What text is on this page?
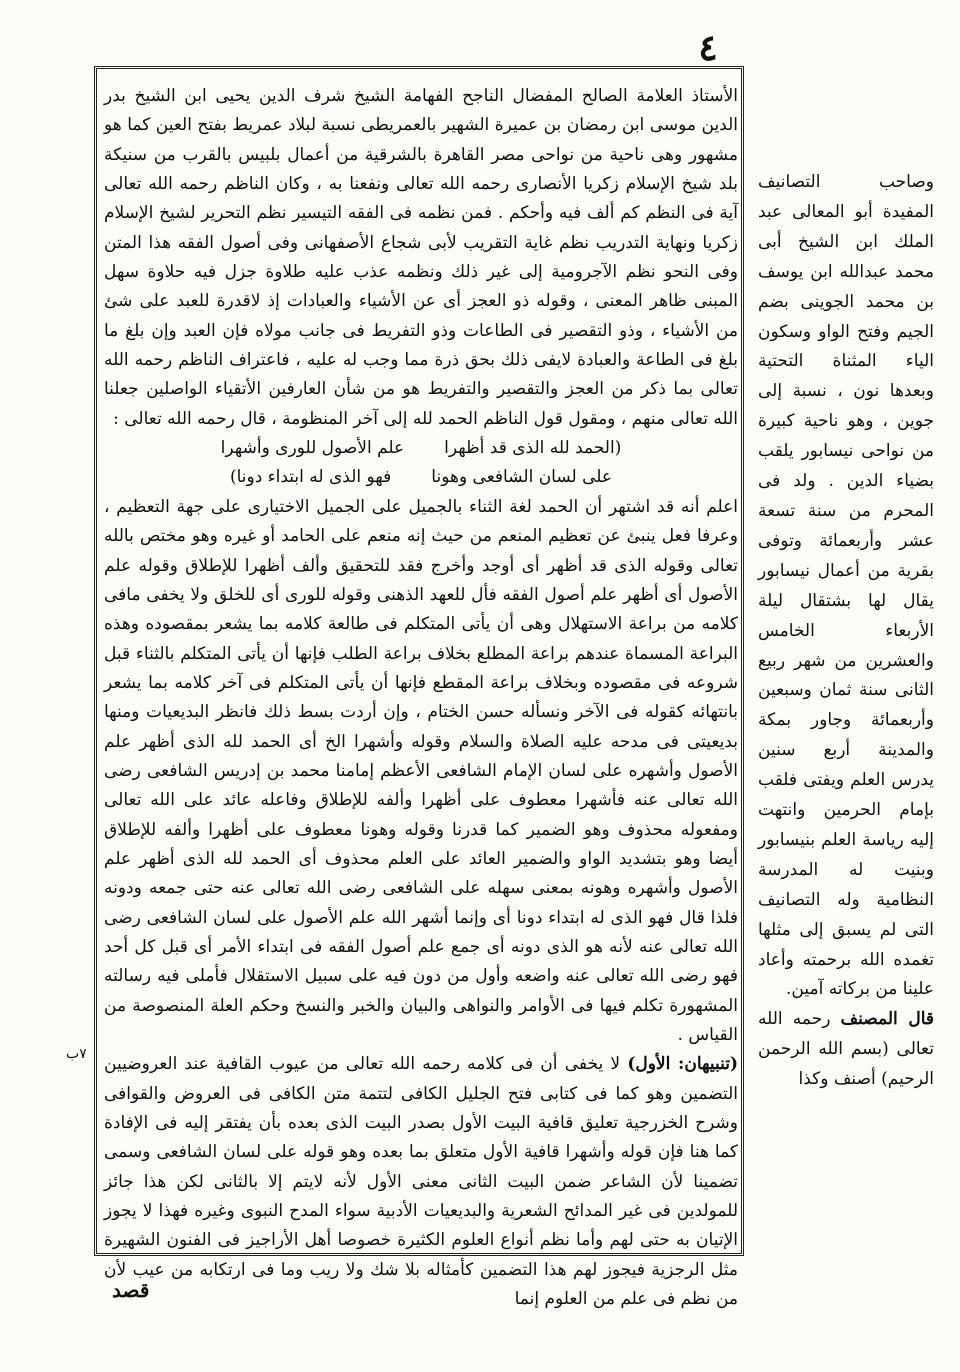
٤

الأستاذ العلامة الصالح المفضال الناجح الفهامة الشيخ شرف الدين يحيى ابن الشيخ بدر الدين موسى ابن رمضان بن عميرة الشهير بالعمريطى نسبة لبلاد عمريط بفتح العين كما هو مشهور وهى ناحية من نواحى مصر القاهرة بالشرقية من أعمال بلبيس بالقرب من سنيكة بلد شيخ الإسلام زكريا الأنصارى رحمه الله تعالى ونفعنا به ، وكان الناظم رحمه الله تعالى آية فى النظم كم ألف فيه وأحكم . فمن نظمه فى الفقه التيسير نظم التحرير لشيخ الإسلام زكريا ونهاية التدريب نظم غاية التقريب لأبى شجاع الأصفهانى وفى أصول الفقه هذا المتن وفى النحو نظم الآجرومية إلى غير ذلك ونظمه عذب عليه طلاوة جزل فيه حلاوة سهل المبنى ظاهر المعنى ، وقوله ذو العجز أى عن الأشياء والعبادات إذ لاقدرة للعبد على شئ من الأشياء ، وذو التقصير فى الطاعات وذو التفريط فى جانب مولاه فإن العبد وإن بلغ ما بلغ فى الطاعة والعبادة لايفى ذلك بحق ذرة مما وجب له عليه ، فاعتراف الناظم رحمه الله تعالى بما ذكر من العجز والتقصير والتفريط هو من شأن العارفين الأتقياء الواصلين جعلنا الله تعالى منهم ، ومقول قول الناظم الحمد لله إلى آخر المنظومة ، قال رحمه الله تعالى :

(الحمد لله الذى قد أظهرا
علم الأصول للورى وأشهرا
على لسان الشافعى وهونا
فهو الذى له ابتداء دونا)

اعلم أنه قد اشتهر أن الحمد لغة الثناء بالجميل على الجميل الاختيارى على جهة التعظيم ، وعرفا فعل ينبئ عن تعظيم المنعم من حيث إنه منعم على الحامد أو غيره وهو مختص بالله تعالى وقوله الذى قد أظهر أى أوجد وأخرج فقد للتحقيق وألف أظهرا للإطلاق وقوله علم الأصول أى أظهر علم أصول الفقه فأل للعهد الذهنى وقوله للورى أى للخلق ولا يخفى مافى كلامه من براعة الاستهلال وهى أن يأتى المتكلم فى طالعة كلامه بما يشعر بمقصوده وهذه البراعة المسماة عندهم براعة المطلع بخلاف براعة الطلب فإنها أن يأتى المتكلم بالثناء قبل شروعه فى مقصوده وبخلاف براعة المقطع فإنها أن يأتى المتكلم فى آخر كلامه بما يشعر بانتهائه كقوله فى الآخر ونسأله حسن الختام ، وإن أردت بسط ذلك فانظر البديعيات ومنها بديعيتى فى مدحه عليه الصلاة والسلام وقوله وأشهرا الخ أى الحمد لله الذى أظهر علم الأصول وأشهره على لسان الإمام الشافعى الأعظم إمامنا محمد بن إدريس الشافعى رضى الله تعالى عنه فأشهرا معطوف على أظهرا وألفه للإطلاق وفاعله عائد على الله تعالى ومفعوله محذوف وهو الضمير كما قدرنا وقوله وهونا معطوف على أظهرا وألفه للإطلاق أيضا وهو بتشديد الواو والضمير العائد على العلم محذوف أى الحمد لله الذى أظهر علم الأصول وأشهره وهونه بمعنى سهله على الشافعى رضى الله تعالى عنه حتى جمعه ودونه فلذا قال فهو الذى له ابتداء دونا أى وإنما أشهر الله علم الأصول على لسان الشافعى رضى الله تعالى عنه لأنه هو الذى دونه أى جمع علم أصول الفقه فى ابتداء الأمر أى قبل كل أحد فهو رضى الله تعالى عنه واضعه وأول من دون فيه على سبيل الاستقلال فأملى فيه رسالته المشهورة تكلم فيها فى الأوامر والنواهى والبيان والخبر والنسخ وحكم العلة المنصوصة من القياس .

(تنبيهان: الأول) لا يخفى أن فى كلامه رحمه الله تعالى من عيوب القافية عند العروضيين التضمين وهو كما فى كتابى فتح الجليل الكافى لتتمة متن الكافى فى العروض والقوافى وشرح الخزرجية تعليق قافية البيت الأول بصدر البيت الذى بعده بأن يفتقر إليه فى الإفادة كما هنا فإن قوله وأشهرا قافية الأول متعلق بما بعده وهو قوله على لسان الشافعى وسمى تضمينا لأن الشاعر ضمن البيت الثانى معنى الأول لأنه لايتم إلا بالثانى لكن هذا جائز للمولدين فى غير المدائح الشعرية والبديعيات الأدبية سواء المدح النبوى وغيره فهذا لا يجوز الإتيان به حتى لهم وأما نظم أنواع العلوم الكثيرة خصوصا أهل الأراجيز فى الفنون الشهيرة مثل الرجزية فيجوز لهم هذا التضمين كأمثاله بلا شك ولا ريب وما فى ارتكابه من عيب لأن من نظم فى علم من العلوم إنما

وصاحب التصانيف المفيدة أبو المعالى عبد الملك ابن الشيخ أبى محمد عبدالله ابن يوسف بن محمد الجوينى بضم الجيم وفتح الواو وسكون الياء المثناة التحتية وبعدها نون ، نسبة إلى جوين ، وهو ناحية كبيرة من نواحى نيسابور يلقب بضياء الدين . ولد فى المحرم من سنة تسعة عشر وأربعمائة وتوفى بقرية من أعمال نيسابور يقال لها بشتقال ليلة الأربعاء الخامس والعشرين من شهر ربيع الثانى سنة ثمان وسبعين وأربعمائة وجاور بمكة والمدينة أربع سنين يدرس العلم ويفتى فلقب بإمام الحرمين وانتهت إليه رياسة العلم بنيسابور وبنيت له المدرسة النظامية وله التصانيف التى لم يسبق إلى مثلها تغمده الله برحمته وأعاد علينا من بركاته آمين.

قال المصنف رحمه الله تعالى (بسم الله الرحمن الرحيم) أصنف وكذا

٧ب
قصد
